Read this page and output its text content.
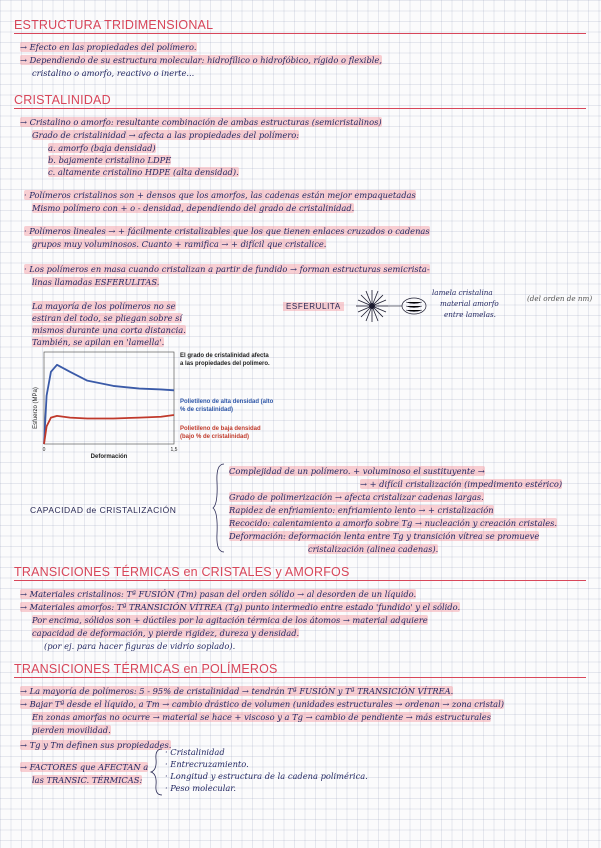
ESTRUCTURA TRIDIMENSIONAL
→ Efecto en las propiedades del polímero.
→ Dependiendo de su estructura molecular: hidrofílico o hidrofóbico, rígido o flexible,
cristalino o amorfo, reactivo o inerte...
CRISTALINIDAD
→ Cristalino o amorfo: resultante combinación de ambas estructuras (semicristalinos)
Grado de cristalinidad → afecta a las propiedades del polímero:
a. amorfo (baja densidad)
b. bajamente cristalino LDPE
c. altamente cristalino HDPE (alta densidad).
· Polímeros cristalinos son + densos que los amorfos, las cadenas están mejor empaquetadas
Mismo polímero con + o - densidad, dependiendo del grado de cristalinidad.
· Polímeros lineales → + fácilmente cristalizables que los que tienen enlaces cruzados o cadenas
grupos muy voluminosos. Cuanto + ramifica → + difícil que cristalice.
· Los polímeros en masa cuando cristalizan a partir de fundido → forman estructuras semicrista-
linas llamadas ESFERULITAS.
La mayoría de los polímeros no se
estiran del todo, se pliegan sobre sí
mismos durante una corta distancia.
También, se apilan en 'lamella'.
ESFERULITA
lamela cristalina
material amorfo
entre lamelas.
(del orden de nm)
Esfuerzo (MPa)
0	1,5
Deformación
El grado de cristalinidad afecta a las propiedades del polímero.
Polietileno de alta densidad (alto % de cristalinidad)
Polietileno de baja densidad (bajo % de cristalinidad)
CAPACIDAD de CRISTALIZACIÓN
Complejidad de un polímero. + voluminoso el sustituyente →
→ + difícil cristalización (impedimento estérico)
Grado de polimerización → afecta cristalizar cadenas largas.
Rapidez de enfriamiento: enfriamiento lento → + cristalización
Recocido: calentamiento a amorfo sobre Tg → nucleación y creación cristales.
Deformación: deformación lenta entre Tg y transición vítrea se promueve
cristalización (alinea cadenas).
TRANSICIONES TÉRMICAS en CRISTALES y AMORFOS
→ Materiales cristalinos: Tª FUSIÓN (Tm) pasan del orden sólido → al desorden de un líquido.
→ Materiales amorfos: Tª TRANSICIÓN VÍTREA (Tg) punto intermedio entre estado 'fundido' y el sólido.
Por encima, sólidos son + dúctiles por la agitación térmica de los átomos → material adquiere
capacidad de deformación, y pierde rigidez, dureza y densidad.
(por ej. para hacer figuras de vidrio soplado).
TRANSICIONES TÉRMICAS en POLÍMEROS
→ La mayoría de polímeros: 5 - 95% de cristalinidad → tendrán Tª FUSIÓN y Tª TRANSICIÓN VÍTREA.
→ Bajar Tª desde el líquido, a Tm → cambio drástico de volumen (unidades estructurales → ordenan → zona cristal)
En zonas amorfas no ocurre → material se hace + viscoso y a Tg → cambio de pendiente → más estructurales
pierden movilidad.
→ Tg y Tm definen sus propiedades.
→ FACTORES que AFECTAN a
las TRANSIC. TÉRMICAS:
· Cristalinidad
· Entrecruzamiento.
· Longitud y estructura de la cadena polimérica.
· Peso molecular.
